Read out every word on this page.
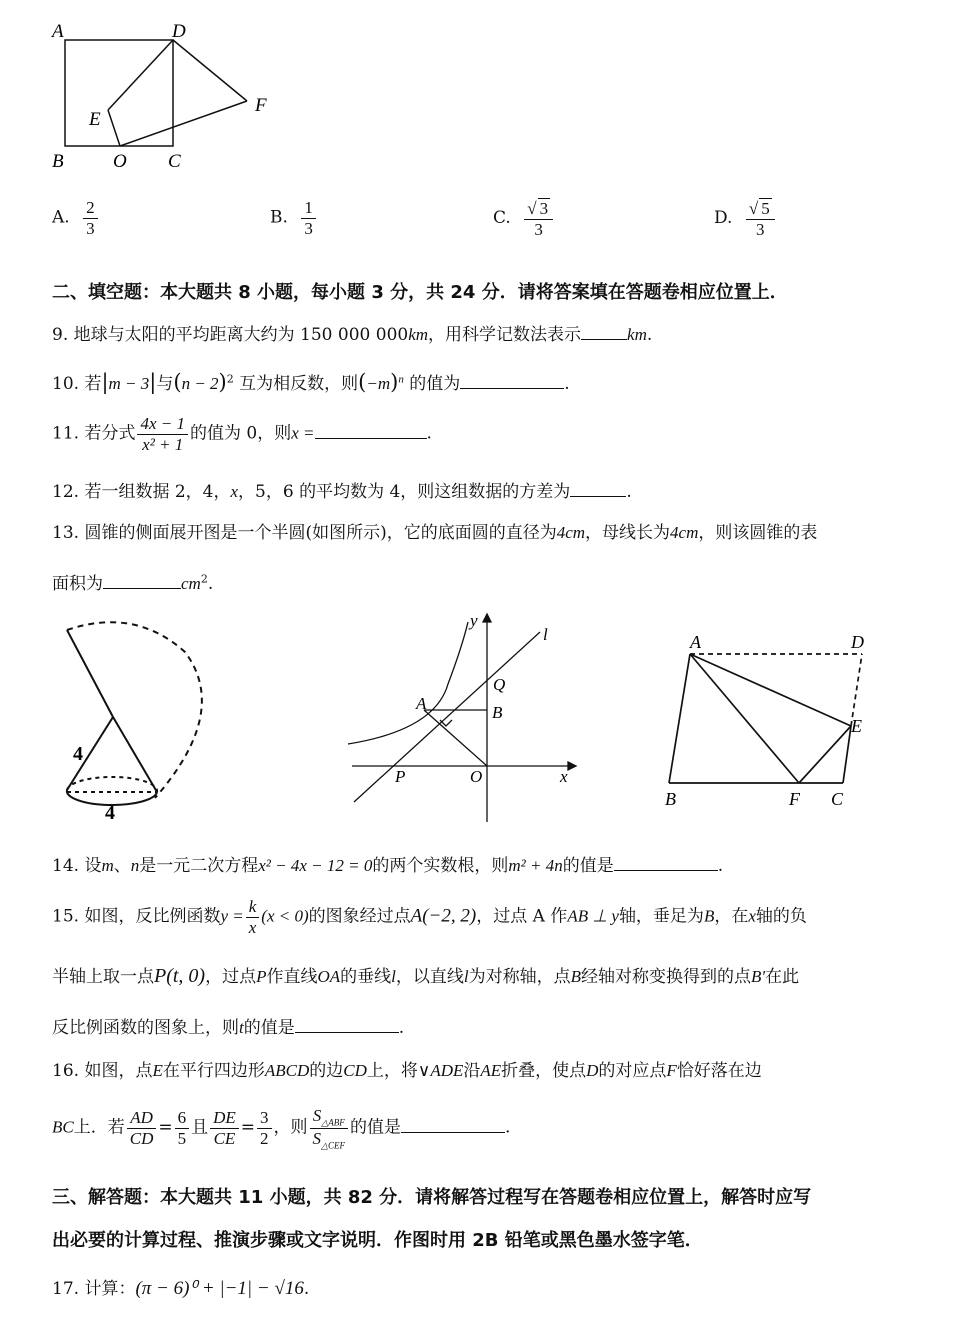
A	D
F
E
B	O C
A. $\frac{2}{3}$	B. $\frac{1}{3}$	C. $\frac{√ 3}{3}$	D. $\frac{√ 5}{3}$
二、填空题：本大题共 8 小题，每小题 3 分，共 24 分．请将答案填在答题卷相应位置上．
9. 地球与太阳的平均距离大约为 150 000 000km，用科学记数法表示	km.
10. 若|m − 3|与$(n - 2)^2$ 互为相反数，则$(-m)^n$ 的值为	.
11. 若分式 $\frac{4x - 1}{\text{x² + 1}}$ 的值为 0，则x =	.
12. 若一组数据 2，4，x，5，6 的平均数为 4，则这组数据的方差为	.
13. 圆锥的侧面展开图是一个半圆(如图所示)，它的底面圆的直径为4cm，母线长为4cm，则该圆锥的表
面积为	$cm^2$.
4
4
y
l
Q
A	B
P	O	x
A	D
E
B	F C
14. 设m、n是一元二次方程x² − 4x − 12 = 0的两个实数根，则m² + 4n的值是	.
15. 如图，反比例函数$y = \frac{k}{x} (x < 0)$的图象经过点A(−2, 2)，过点 A 作AB ⊥ y轴，垂足为B，在x轴的负
半轴上取一点P(t, 0)，过点P作直线OA的垂线l，以直线l为对称轴，点B经轴对称变换得到的点B′在此
反比例函数的图象上，则t的值是	.
16. 如图，点E在平行四边形ABCD的边CD上，将∨ADE沿AE折叠，使点D的对应点F恰好落在边
BC上．若 $\frac{AD}{CD} = \frac{6}{5}$ 且 $\frac{DE}{CE} = \frac{3}{2}$ ，则 $\frac{S_{\triangle ABF}}{S_{\triangle CEF}}$ 的值是	.
三、解答题：本大题共 11 小题，共 82 分．请将解答过程写在答题卷相应位置上，解答时应写
出必要的计算过程、推演步骤或文字说明．作图时用 2B 铅笔或黑色墨水签字笔．
17. 计算：(π − 6)⁰ + |−1| − √16.
